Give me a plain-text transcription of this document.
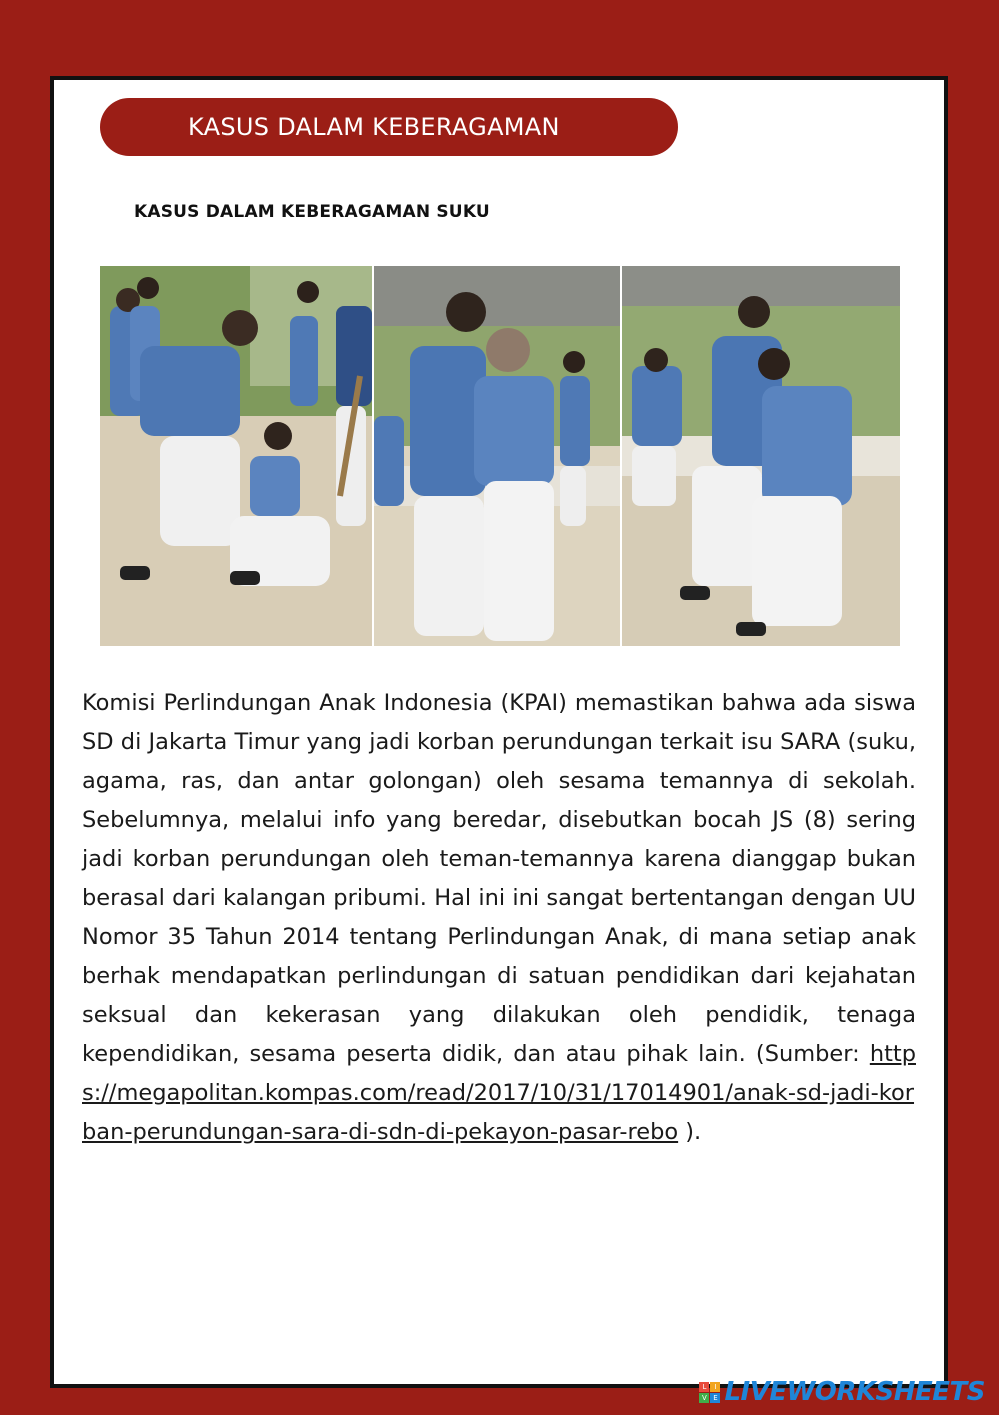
KASUS DALAM KEBERAGAMAN
KASUS DALAM KEBERAGAMAN SUKU

Komisi Perlindungan Anak Indonesia (KPAI) memastikan bahwa ada siswa SD di Jakarta Timur yang jadi korban perundungan terkait isu SARA (suku, agama, ras, dan antar golongan) oleh sesama temannya di sekolah. Sebelumnya, melalui info yang beredar, disebutkan bocah JS (8) sering jadi korban perundungan oleh teman-temannya karena dianggap bukan berasal dari kalangan pribumi. Hal ini ini sangat bertentangan dengan UU Nomor 35 Tahun 2014 tentang Perlindungan Anak, di mana setiap anak berhak mendapatkan perlindungan di satuan pendidikan dari kejahatan seksual dan kekerasan yang dilakukan oleh pendidik, tenaga kependidikan, sesama peserta didik, dan atau pihak lain. (Sumber: https://megapolitan.kompas.com/read/2017/10/31/17014901/anak-sd-jadi-korban-perundungan-sara-di-sdn-di-pekayon-pasar-rebo ).

L	I
V E LIVEWORKSHEETS
